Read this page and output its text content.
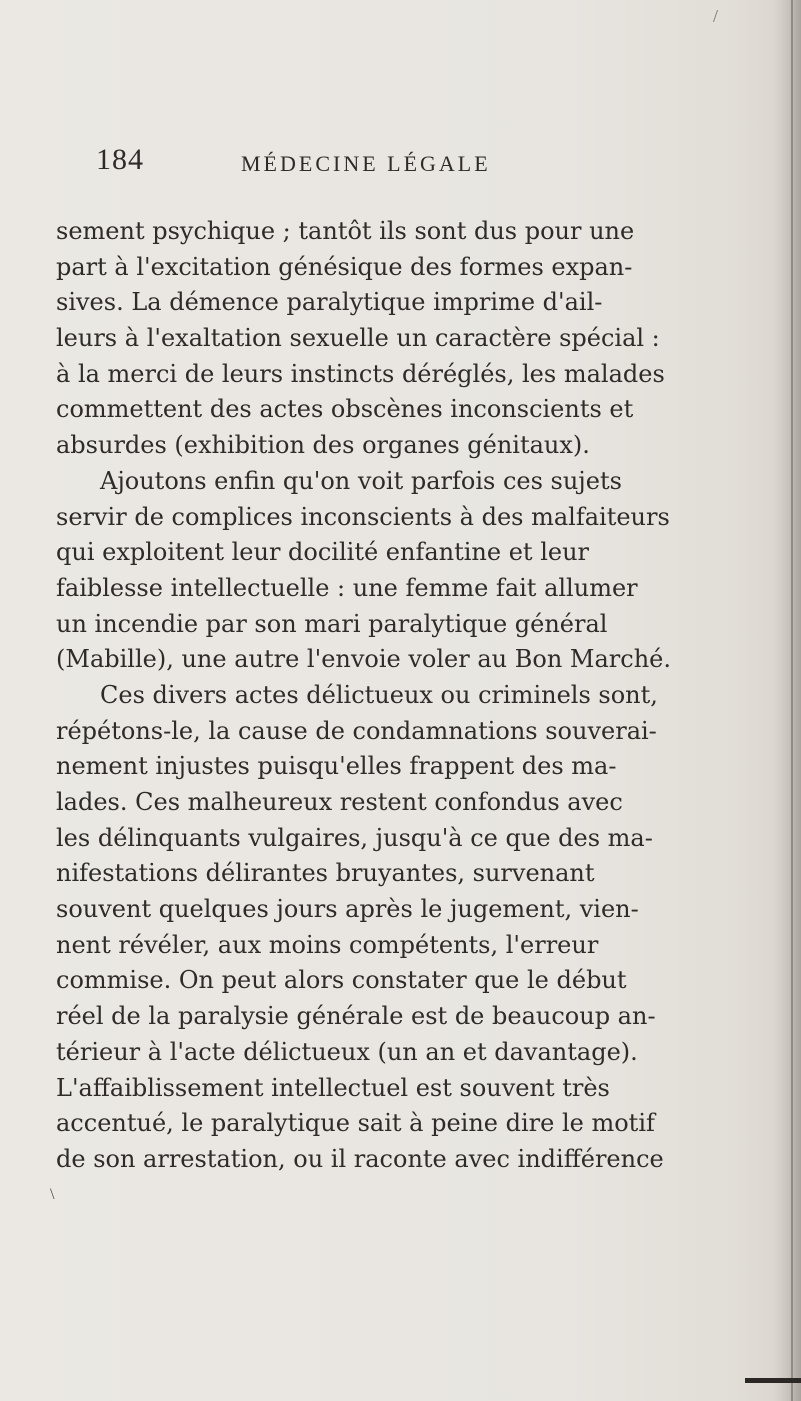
/
184	MÉDECINE LÉGALE
sement psychique ; tantôt ils sont dus pour une
part à l'excitation génésique des formes expan-
sives. La démence paralytique imprime d'ail-
leurs à l'exaltation sexuelle un caractère spécial :
à la merci de leurs instincts déréglés, les malades
commettent des actes obscènes inconscients et
absurdes (exhibition des organes génitaux).
Ajoutons enfin qu'on voit parfois ces sujets
servir de complices inconscients à des malfaiteurs
qui exploitent leur docilité enfantine et leur
faiblesse intellectuelle : une femme fait allumer
un incendie par son mari paralytique général
(Mabille), une autre l'envoie voler au Bon Marché.
Ces divers actes délictueux ou criminels sont,
répétons-le, la cause de condamnations souverai-
nement injustes puisqu'elles frappent des ma-
lades. Ces malheureux restent confondus avec
les délinquants vulgaires, jusqu'à ce que des ma-
nifestations délirantes bruyantes, survenant
souvent quelques jours après le jugement, vien-
nent révéler, aux moins compétents, l'erreur
commise. On peut alors constater que le début
réel de la paralysie générale est de beaucoup an-
térieur à l'acte délictueux (un an et davantage).
L'affaiblissement intellectuel est souvent très
accentué, le paralytique sait à peine dire le motif
de son arrestation, ou il raconte avec indifférence
\
